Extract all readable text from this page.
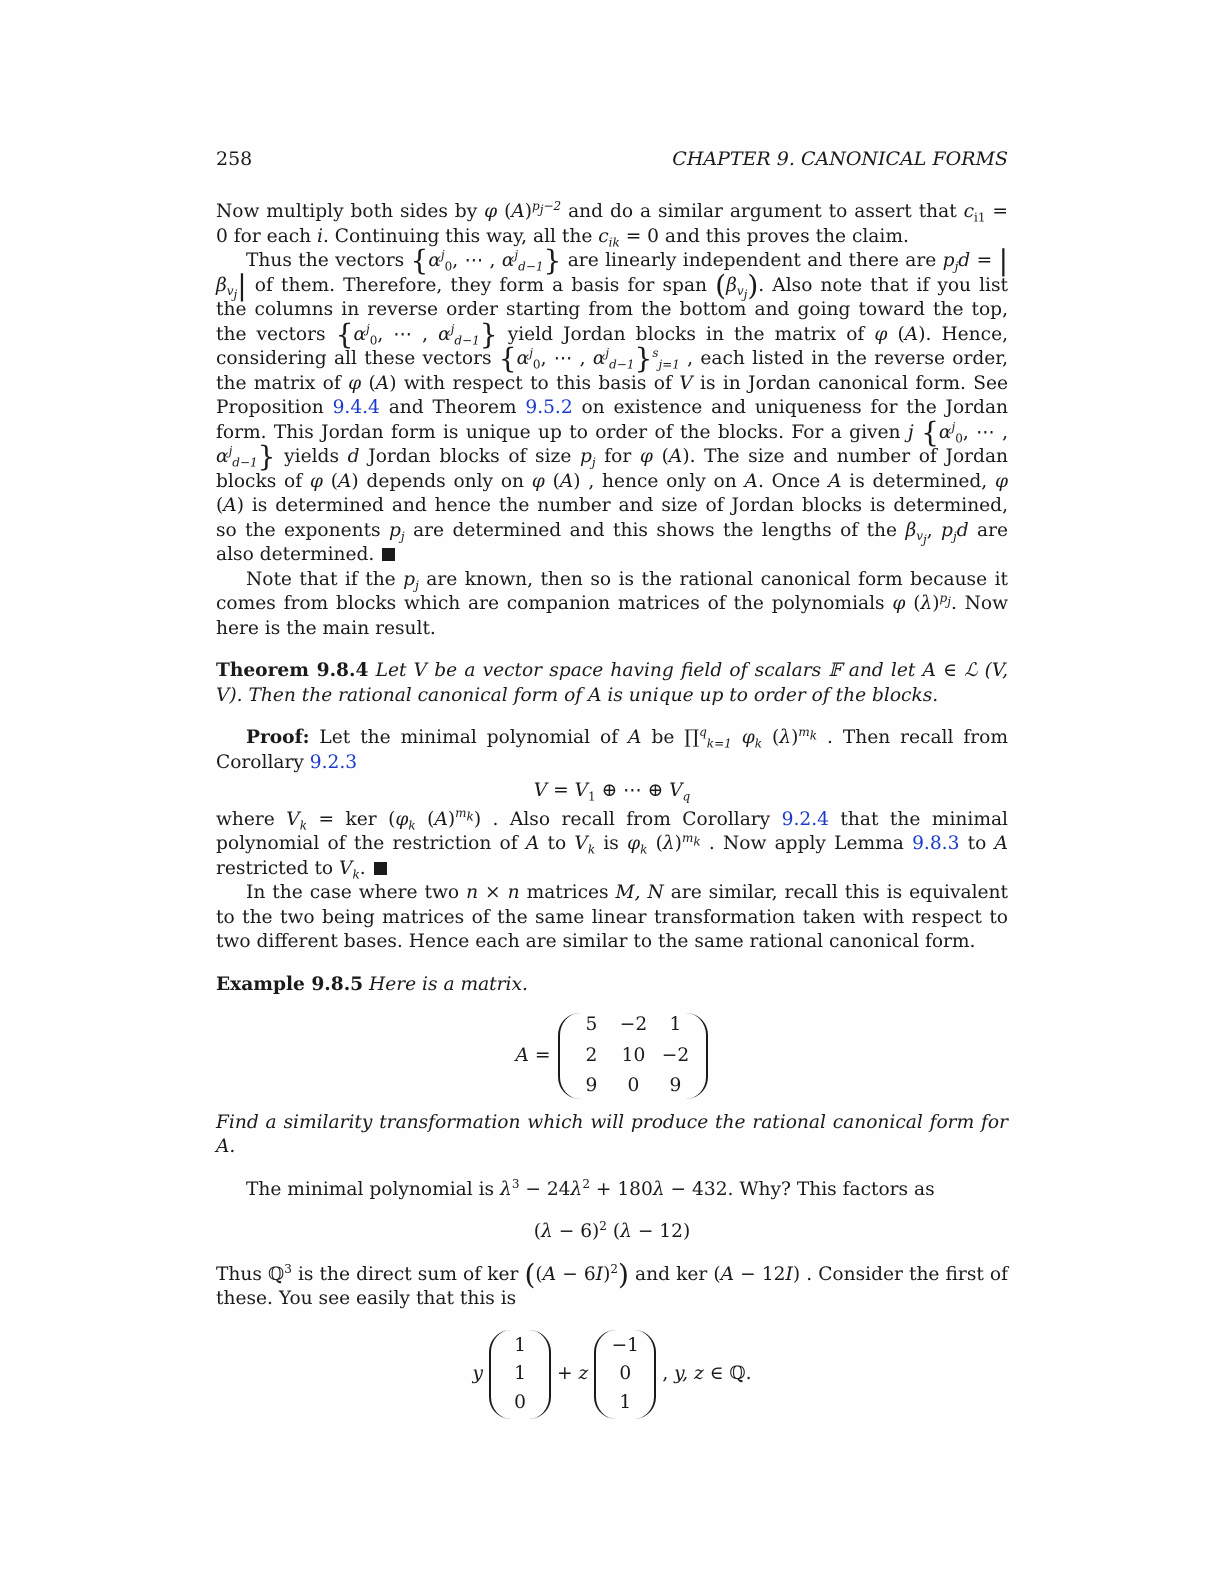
258	CHAPTER 9. CANONICAL FORMS

Now multiply both sides by φ $(A)^{p_j-2}$ and do a similar argument to assert that $c_{i1} = 0$ for each i. Continuing this way, all the $c_{ik} = 0$ and this proves the claim.

Thus the vectors {$\alpha^j_0$, ⋯ , $\alpha^j_{d-1}$} are linearly independent and there are $p_jd = |\beta_{v_j}|$ of them. Therefore, they form a basis for span $(\beta_{v_j})$. Also note that if you list the columns in reverse order starting from the bottom and going toward the top, the vectors {$\alpha^j_0$, ⋯ , $\alpha^j_{d-1}$} yield Jordan blocks in the matrix of φ (A). Hence, considering all these vectors {$\alpha^j_0$, ⋯ , $\alpha^j_{d-1}\}^s_{j=1}$ , each listed in the reverse order, the matrix of φ (A) with respect to this basis of V is in Jordan canonical form. See Proposition 9.4.4 and Theorem 9.5.2 on existence and uniqueness for the Jordan form. This Jordan form is unique up to order of the blocks. For a given j {$\alpha^j_0$, ⋯ , $\alpha^j_{d-1}$} yields d Jordan blocks of size $p_j$ for φ (A). The size and number of Jordan blocks of φ (A) depends only on φ (A) , hence only on A. Once A is determined, φ (A) is determined and hence the number and size of Jordan blocks is determined, so the exponents $p_j$ are determined and this shows the lengths of the $\beta_{v_j}$, $p_jd$ are also determined.

Note that if the $p_j$ are known, then so is the rational canonical form because it comes from blocks which are companion matrices of the polynomials φ $(\lambda)^{p_j}$. Now here is the main result.

Theorem 9.8.4 Let V be a vector space having field of scalars 𝔽 and let A ∈ ℒ (V, V). Then the rational canonical form of A is unique up to order of the blocks.

Proof: Let the minimal polynomial of A be ∏$^q_{k=1}$ $\varphi_k$ $(\lambda)^{m_k}$ . Then recall from Corollary 9.2.3

$V = V_1$ ⊕ ⋯ ⊕ $V_q$

where $V_k$ = ker ($\varphi_k$ $(A)^{m_k}$) . Also recall from Corollary 9.2.4 that the minimal polynomial of the restriction of A to $V_k$ is $\varphi_k$ $(\lambda)^{m_k}$ . Now apply Lemma 9.8.3 to A restricted to $V_k$.

In the case where two n × n matrices M, N are similar, recall this is equivalent to the two being matrices of the same linear transformation taken with respect to two different bases. Hence each are similar to the same rational canonical form.

Example 9.8.5 Here is a matrix.

A =
5	−2	1
2	10 −2
9	0	9

Find a similarity transformation which will produce the rational canonical form for A.

The minimal polynomial is $\lambda^3 - 24\lambda^2 + 180\lambda - 432$. Why? This factors as

$(\lambda - 6)^2$ (λ − 12)

Thus ℚ$^3$ is the direct sum of ker $((A - 6I)^2)$ and ker (A − 12I) . Consider the first of these. You see easily that this is

y
1
1
0
+ z
−1
0
1
, y, z ∈ ℚ.
